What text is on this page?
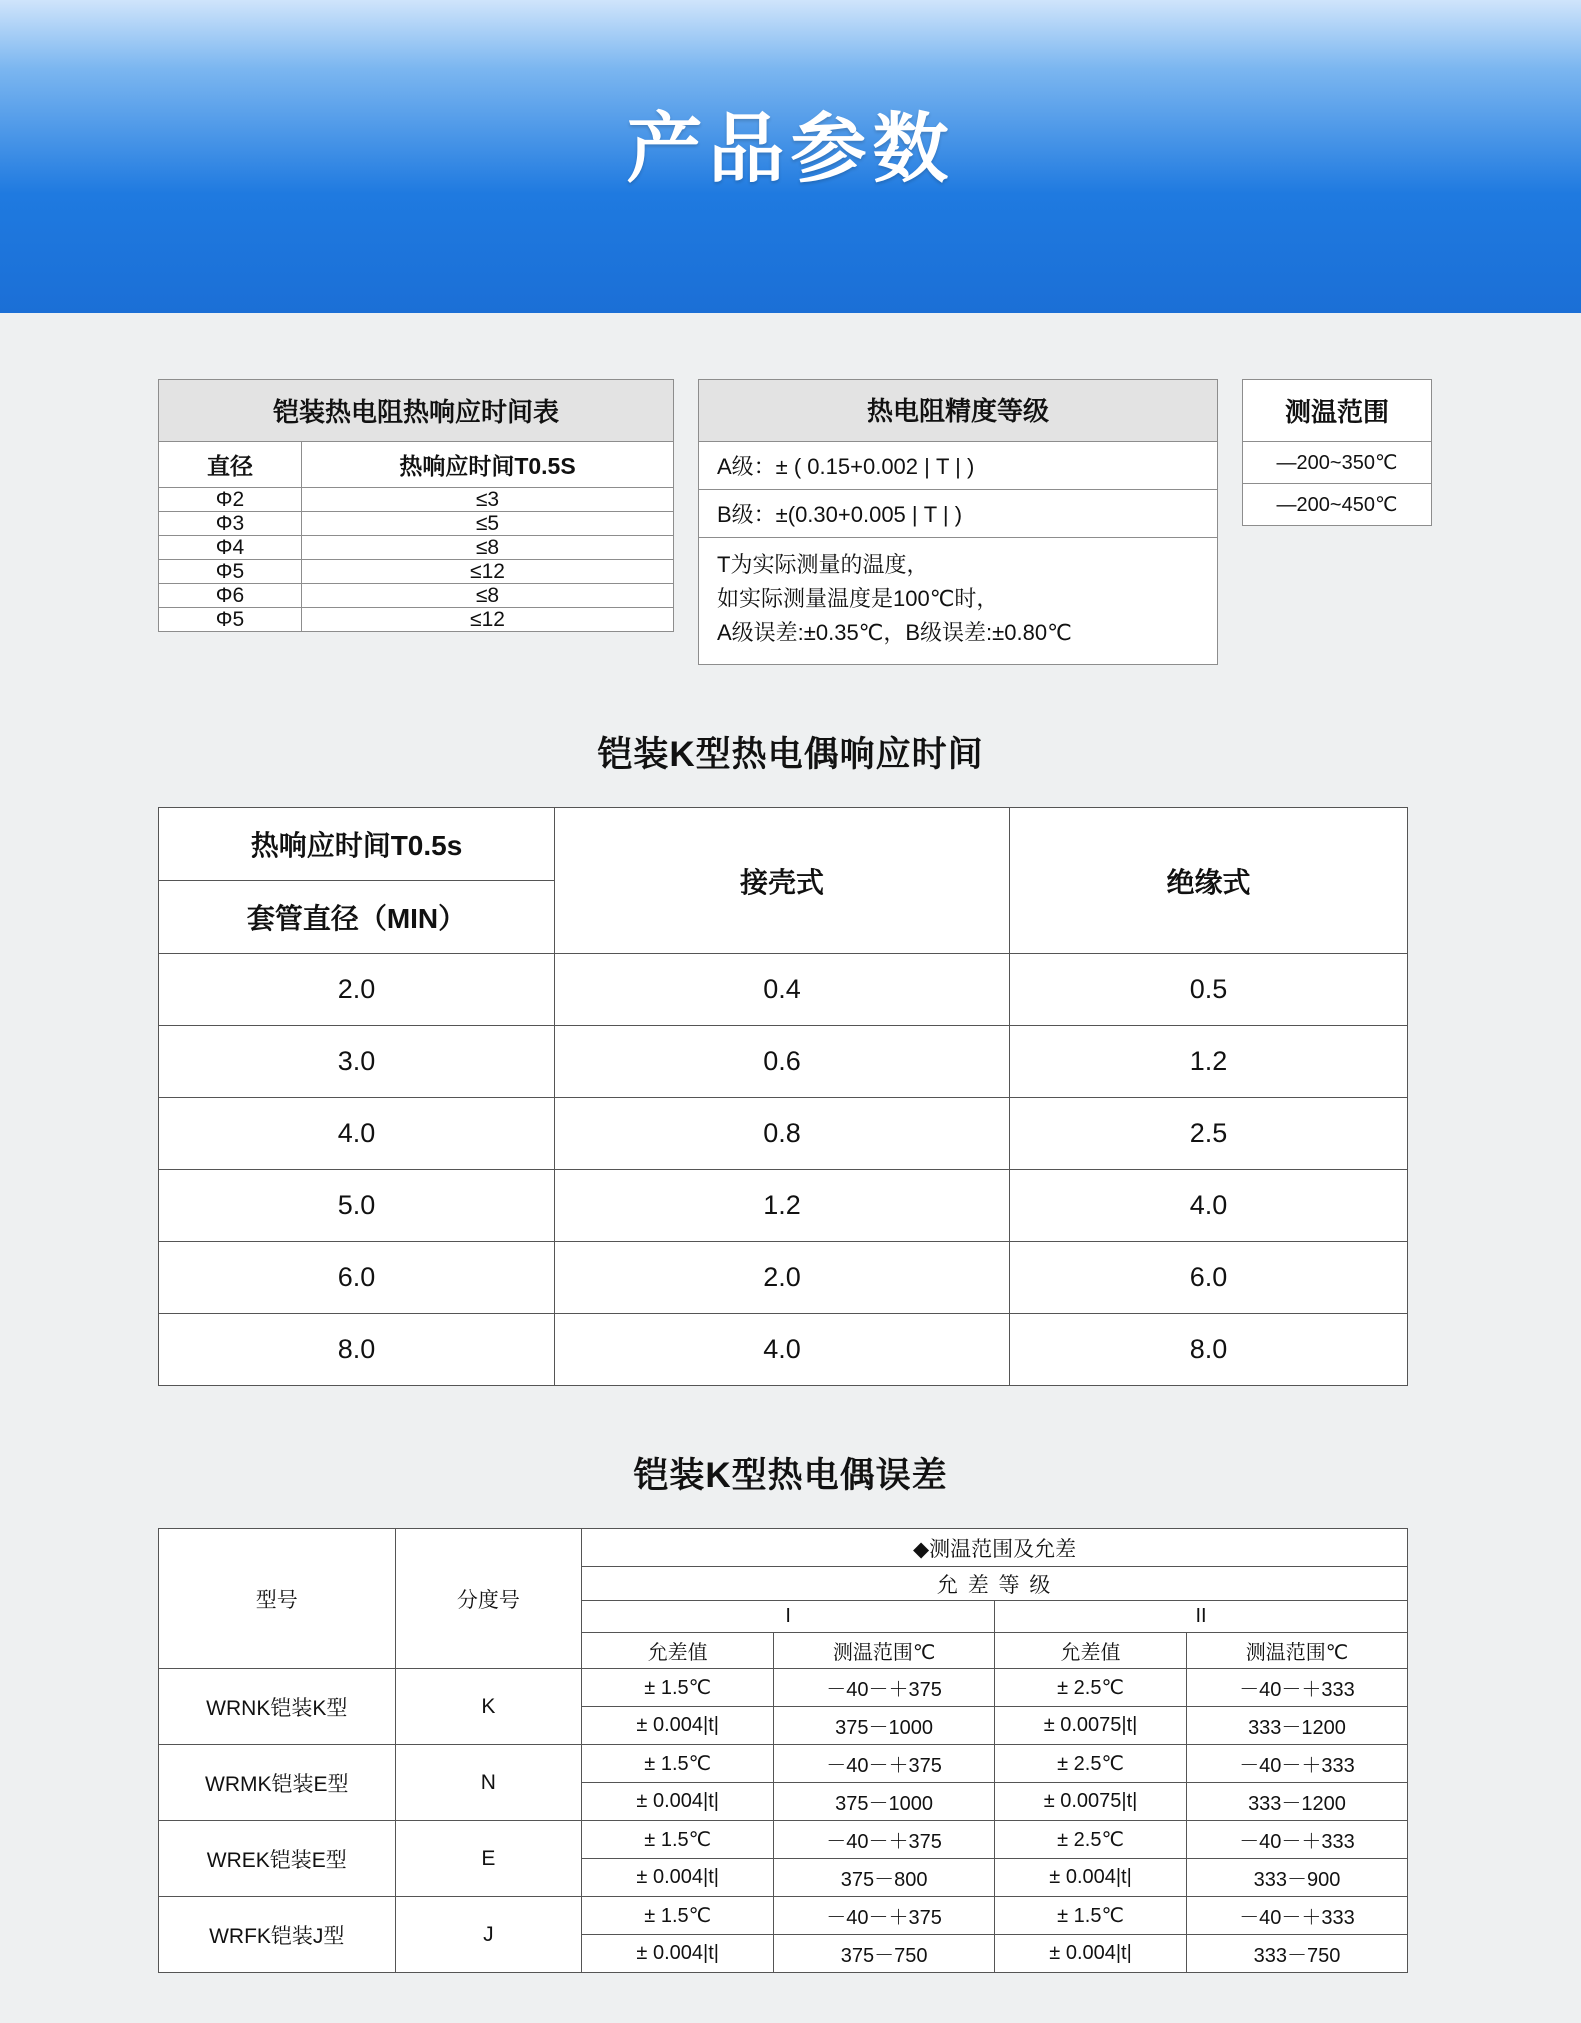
产品参数
铠装热电阻热响应时间表	
直径	热响应时间T0.5S
Φ2	≤3
Φ3	≤5
Φ4	≤8
Φ5	≤12
Φ6	≤8
Φ5	≤12
热电阻精度等级
A级：± ( 0.15+0.002 | T | )
B级：±(0.30+0.005 | T | )
T为实际测量的温度，
如实际测量温度是100℃时，
A级误差:±0.35℃，B级误差:±0.80℃
测温范围
—200~350℃
—200~450℃
铠装K型热电偶响应时间
热响应时间T0.5s	接壳式	绝缘式
套管直径（MIN）		
2.0	0.4	0.5
3.0	0.6	1.2
4.0	0.8	2.5
5.0	1.2	4.0
6.0	2.0	6.0
8.0	4.0	8.0
铠装K型热电偶误差
型号	分度号	◆测温范围及允差			
		允 差 等 级			
		I		II	
		允差值	测温范围℃	允差值	测温范围℃
WRNK铠装K型	K	± 1.5℃	－40－＋375	± 2.5℃	－40－＋333
		± 0.004|t|	375－1000	± 0.0075|t|	333－1200
WRMK铠装E型	N	± 1.5℃	－40－＋375	± 2.5℃	－40－＋333
		± 0.004|t|	375－1000	± 0.0075|t|	333－1200
WREK铠装E型	E	± 1.5℃	－40－＋375	± 2.5℃	－40－＋333
		± 0.004|t|	375－800	± 0.004|t|	333－900
WRFK铠装J型	J	± 1.5℃	－40－＋375	± 1.5℃	－40－＋333
		± 0.004|t|	375－750	± 0.004|t|	333－750
